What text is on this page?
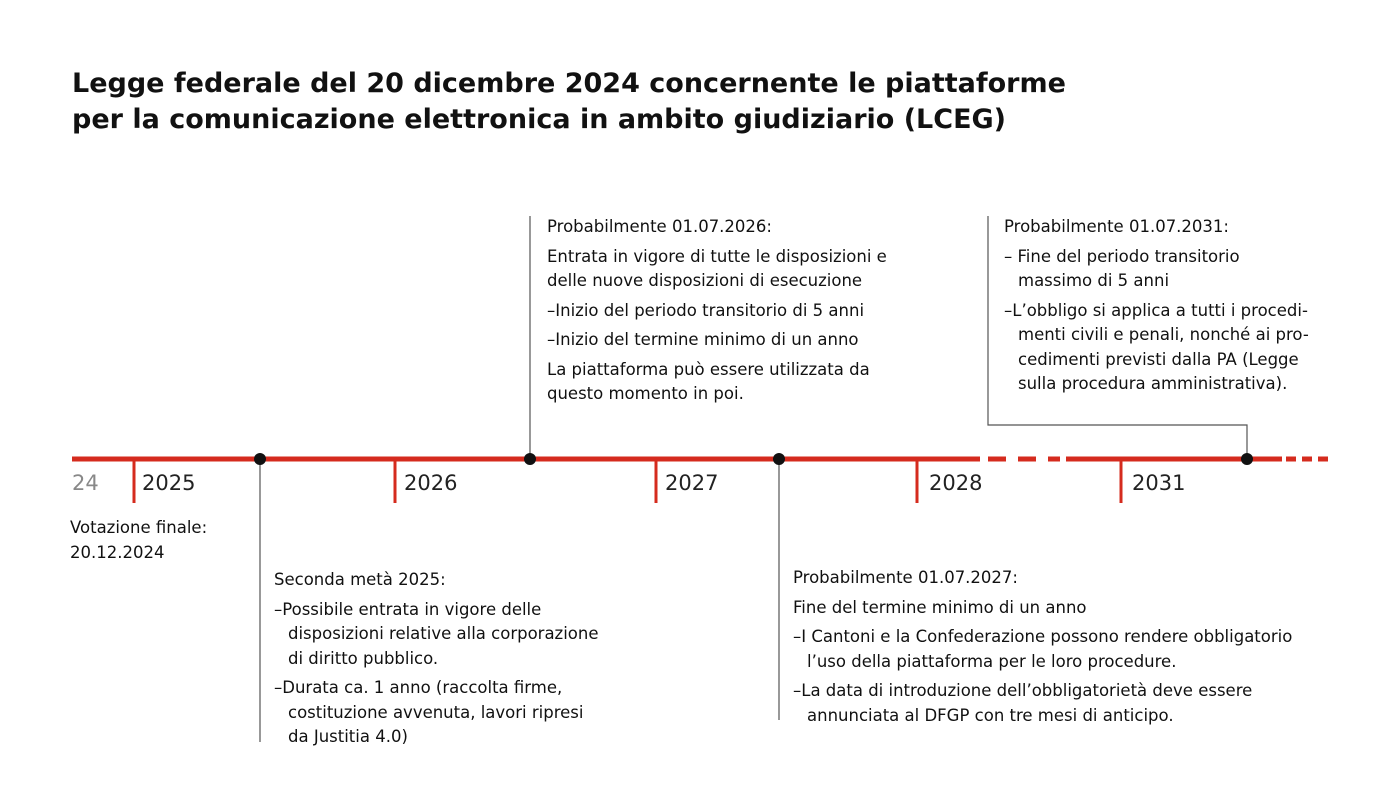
Legge federale del 20 dicembre 2024 concernente le piattaforme
per la comunicazione elettronica in ambito giudiziario (LCEG)
24 2025	2026	2027	2028	2031
Votazione finale:
20.12.2024
Seconda metà 2025:
–Possibile entrata in vigore delle
disposizioni relative alla corporazione
di diritto pubblico.
–Durata ca. 1 anno (raccolta firme,
costituzione avvenuta, lavori ripresi
da Justitia 4.0)
Probabilmente 01.07.2026:
Entrata in vigore di tutte le disposizioni e
delle nuove disposizioni di esecuzione
–Inizio del periodo transitorio di 5 anni
–Inizio del termine minimo di un anno
La piattaforma può essere utilizzata da
questo momento in poi.
Probabilmente 01.07.2027:
Fine del termine minimo di un anno
–I Cantoni e la Confederazione possono rendere obbligatorio
l’uso della piattaforma per le loro procedure.
–La data di introduzione dell’obbligatorietà deve essere
annunciata al DFGP con tre mesi di anticipo.
Probabilmente 01.07.2031:
– Fine del periodo transitorio
massimo di 5 anni
–L’obbligo si applica a tutti i procedi-
menti civili e penali, nonché ai pro-
cedimenti previsti dalla PA (Legge
sulla procedura amministrativa).
